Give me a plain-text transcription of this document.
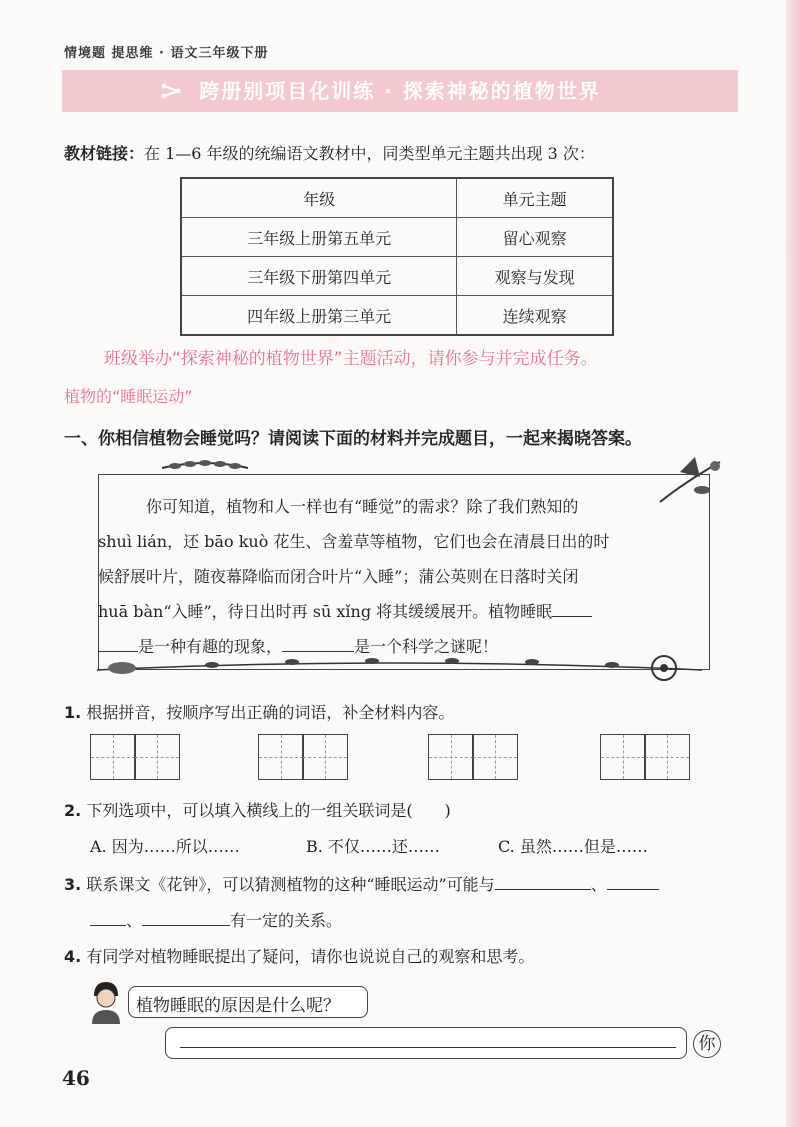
情境题 提思维 · 语文三年级下册
跨册别项目化训练 · 探索神秘的植物世界
教材链接：在 1—6 年级的统编语文教材中，同类型单元主题共出现 3 次：
年级	单元主题
三年级上册第五单元	留心观察
三年级下册第四单元	观察与发现
四年级上册第三单元	连续观察
班级举办“探索神秘的植物世界”主题活动，请你参与并完成任务。
植物的“睡眠运动”
一、你相信植物会睡觉吗？请阅读下面的材料并完成题目，一起来揭晓答案。
你可知道，植物和人一样也有“睡觉”的需求？除了我们熟知的
shuì lián，还 bāo kuò 花生、含羞草等植物，它们也会在清晨日出的时
候舒展叶片，随夜幕降临而闭合叶片“入睡”；蒲公英则在日落时关闭
huā bàn“入睡”，待日出时再 sū xǐng 将其缓缓展开。植物睡眠
是一种有趣的现象，	是一个科学之谜呢！
1. 根据拼音，按顺序写出正确的词语，补全材料内容。
2. 下列选项中，可以填入横线上的一组关联词是(　　)
A. 因为……所以……	B. 不仅……还……	C. 虽然……但是……
3. 联系课文《花钟》，可以猜测植物的这种“睡眠运动”可能与	、
、	有一定的关系。
4. 有同学对植物睡眠提出了疑问，请你也说说自己的观察和思考。
植物睡眠的原因是什么呢？
你
46
